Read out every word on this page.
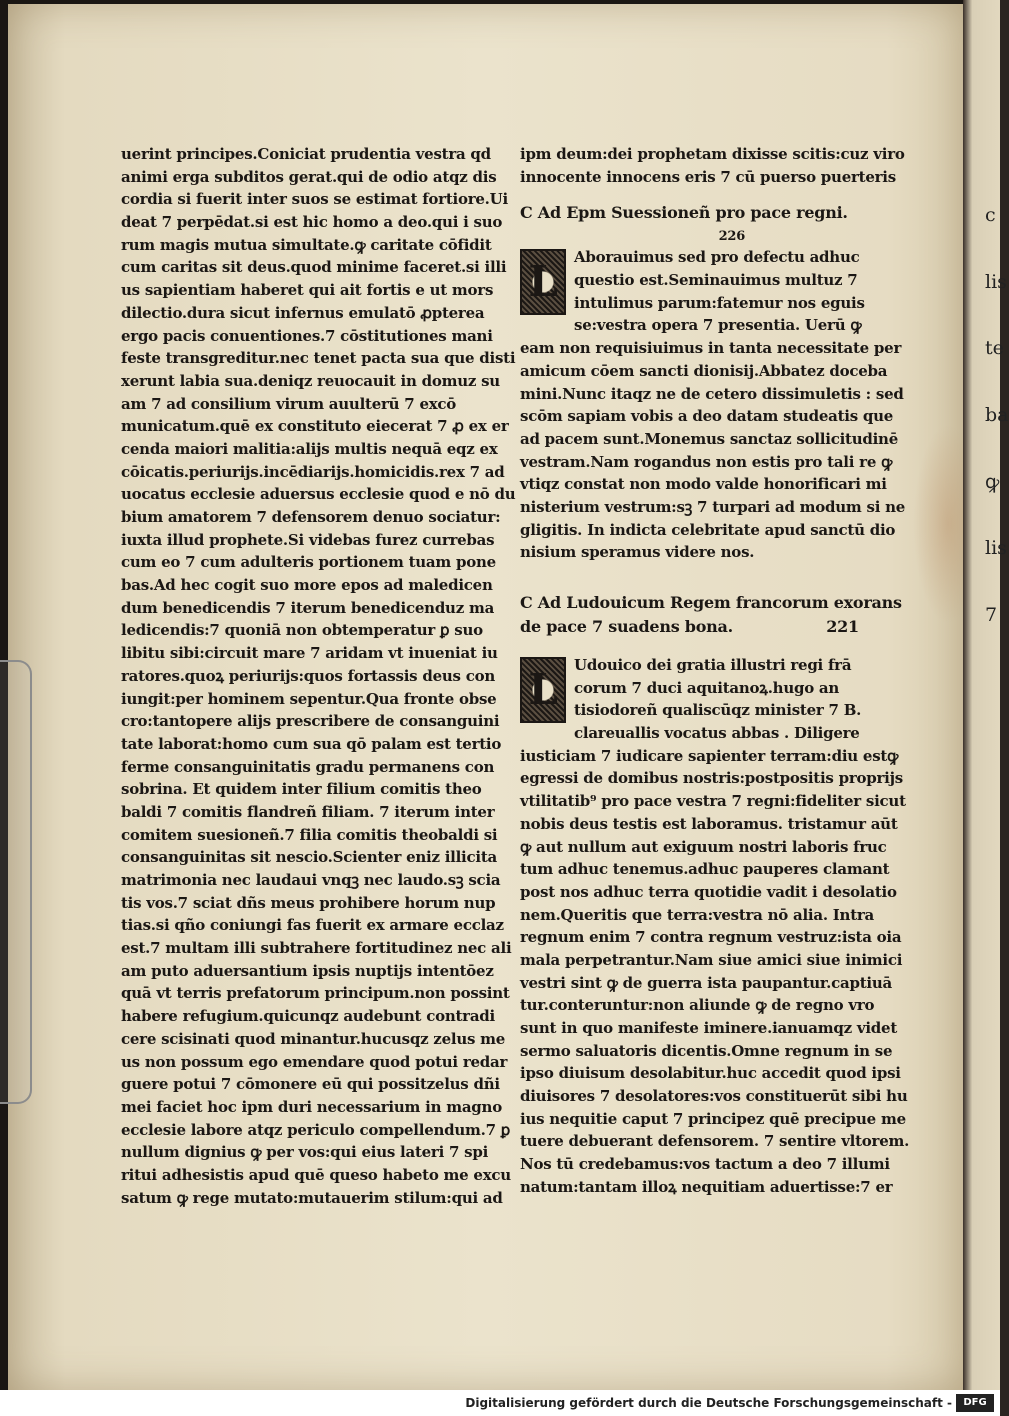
c

lis

te

ba

ꝙ

lis

7

uerint principes.Coniciat prudentia vestra qd
animi erga subditos gerat.qui de odio atqz dis
cordia si fuerit inter suos se estimat fortiore.Ui
deat 7 perpēdat.si est hic homo a deo.qui i suo
rum magis mutua simultate.ꝙ caritate cōfidit
cum caritas sit deus.quod minime faceret.si illi
us sapientiam haberet qui ait fortis e ut mors
dilectio.dura sicut infernus emulatō ꝓpterea
ergo pacis conuentiones.7 cōstitutiones mani
feste transgreditur.nec tenet pacta sua que disti
xerunt labia sua.deniqz reuocauit in domuz su
am 7 ad consilium virum auulterū 7 excō
municatum.quē ex constituto eiecerat 7 ꝓ ex er
cenda maiori malitia:alijs multis nequā eqz ex
cōicatis.periurijs.incēdiarijs.homicidis.rex 7 ad
uocatus ecclesie aduersus ecclesie quod e nō du
bium amatorem 7 defensorem denuo sociatur:
iuxta illud prophete.Si videbas furez currebas
cum eo 7 cum adulteris portionem tuam pone
bas.Ad hec cogit suo more epos ad maledicen
dum benedicendis 7 iterum benedicenduz ma
ledicendis:7 quoniā non obtemperatur ꝑ suo
libitu sibi:circuit mare 7 aridam vt inueniat iu
ratores.quoꝝ periurijs:quos fortassis deus con
iungit:per hominem sepentur.Qua fronte obse
cro:tantopere alijs prescribere de consanguini
tate laborat:homo cum sua qō palam est tertio
ferme consanguinitatis gradu permanens con
sobrina. Et quidem inter filium comitis theo
baldi 7 comitis flandreñ filiam. 7 iterum inter
comitem suesioneñ.7 filia comitis theobaldi si
consanguinitas sit nescio.Scienter eniz illicita
matrimonia nec laudaui vnqꝫ nec laudo.sꝫ scia
tis vos.7 sciat dñs meus prohibere horum nup
tias.si qño coniungi fas fuerit ex armare ecclaz
est.7 multam illi subtrahere fortitudinez nec ali
am puto aduersantium ipsis nuptijs intentōez
quā vt terris prefatorum principum.non possint
habere refugium.quicunqz audebunt contradi
cere scisinati quod minantur.hucusqz zelus me
us non possum ego emendare quod potui redar
guere potui 7 cōmonere eū qui possitzelus dñi
mei faciet hoc ipm duri necessarium in magno
ecclesie labore atqz periculo compellendum.7 ꝑ
nullum dignius ꝙ per vos:qui eius lateri 7 spi
ritui adhesistis apud quē queso habeto me excu
satum ꝙ rege mutato:mutauerim stilum:qui ad
ipm deum:dei prophetam dixisse scitis:cuz viro
innocente innocens eris 7 cū puerso puerteris
C Ad Epm Suessioneñ pro pace regni.
226
L	Aborauimus sed pro defectu adhuc
questio est.Seminauimus multuz 7
intulimus parum:fatemur nos eguis
se:vestra opera 7 presentia. Uerū ꝙ
eam non requisiuimus in tanta necessitate per
amicum cōem sancti dionisij.Abbatez doceba
mini.Nunc itaqz ne de cetero dissimuletis : sed
scōm sapiam vobis a deo datam studeatis que
ad pacem sunt.Monemus sanctaz sollicitudinē
vestram.Nam rogandus non estis pro tali re ꝙ
vtiqz constat non modo valde honorificari mi
nisterium vestrum:sꝫ 7 turpari ad modum si ne
gligitis. In indicta celebritate apud sanctū dio
nisium speramus videre nos.
C Ad Ludouicum Regem francorum exorans
de pace 7 suadens bona.	221
L	Udouico dei gratia illustri regi frā
corum 7 duci aquitanoꝝ.hugo an
tisiodoreñ qualiscūqz minister 7 B.
clareuallis vocatus abbas . Diligere
iusticiam 7 iudicare sapienter terram:diu estꝙ
egressi de domibus nostris:postpositis proprijs
vtilitatib⁹ pro pace vestra 7 regni:fideliter sicut
nobis deus testis est laboramus. tristamur aūt
ꝙ aut nullum aut exiguum nostri laboris fruc
tum adhuc tenemus.adhuc pauperes clamant
post nos adhuc terra quotidie vadit i desolatio
nem.Queritis que terra:vestra nō alia. Intra
regnum enim 7 contra regnum vestruz:ista oia
mala perpetrantur.Nam siue amici siue inimici
vestri sint ꝙ de guerra ista paupantur.captiuā
tur.conteruntur:non aliunde ꝙ de regno vro
sunt in quo manifeste iminere.ianuamqz videt
sermo saluatoris dicentis.Omne regnum in se
ipso diuisum desolabitur.huc accedit quod ipsi
diuisores 7 desolatores:vos constituerūt sibi hu
ius nequitie caput 7 principez quē precipue me
tuere debuerant defensorem. 7 sentire vltorem.
Nos tū credebamus:vos tactum a deo 7 illumi
natum:tantam illoꝝ nequitiam aduertisse:7 er
Digitalisierung gefördert durch die Deutsche Forschungsgemeinschaft -	DFG
